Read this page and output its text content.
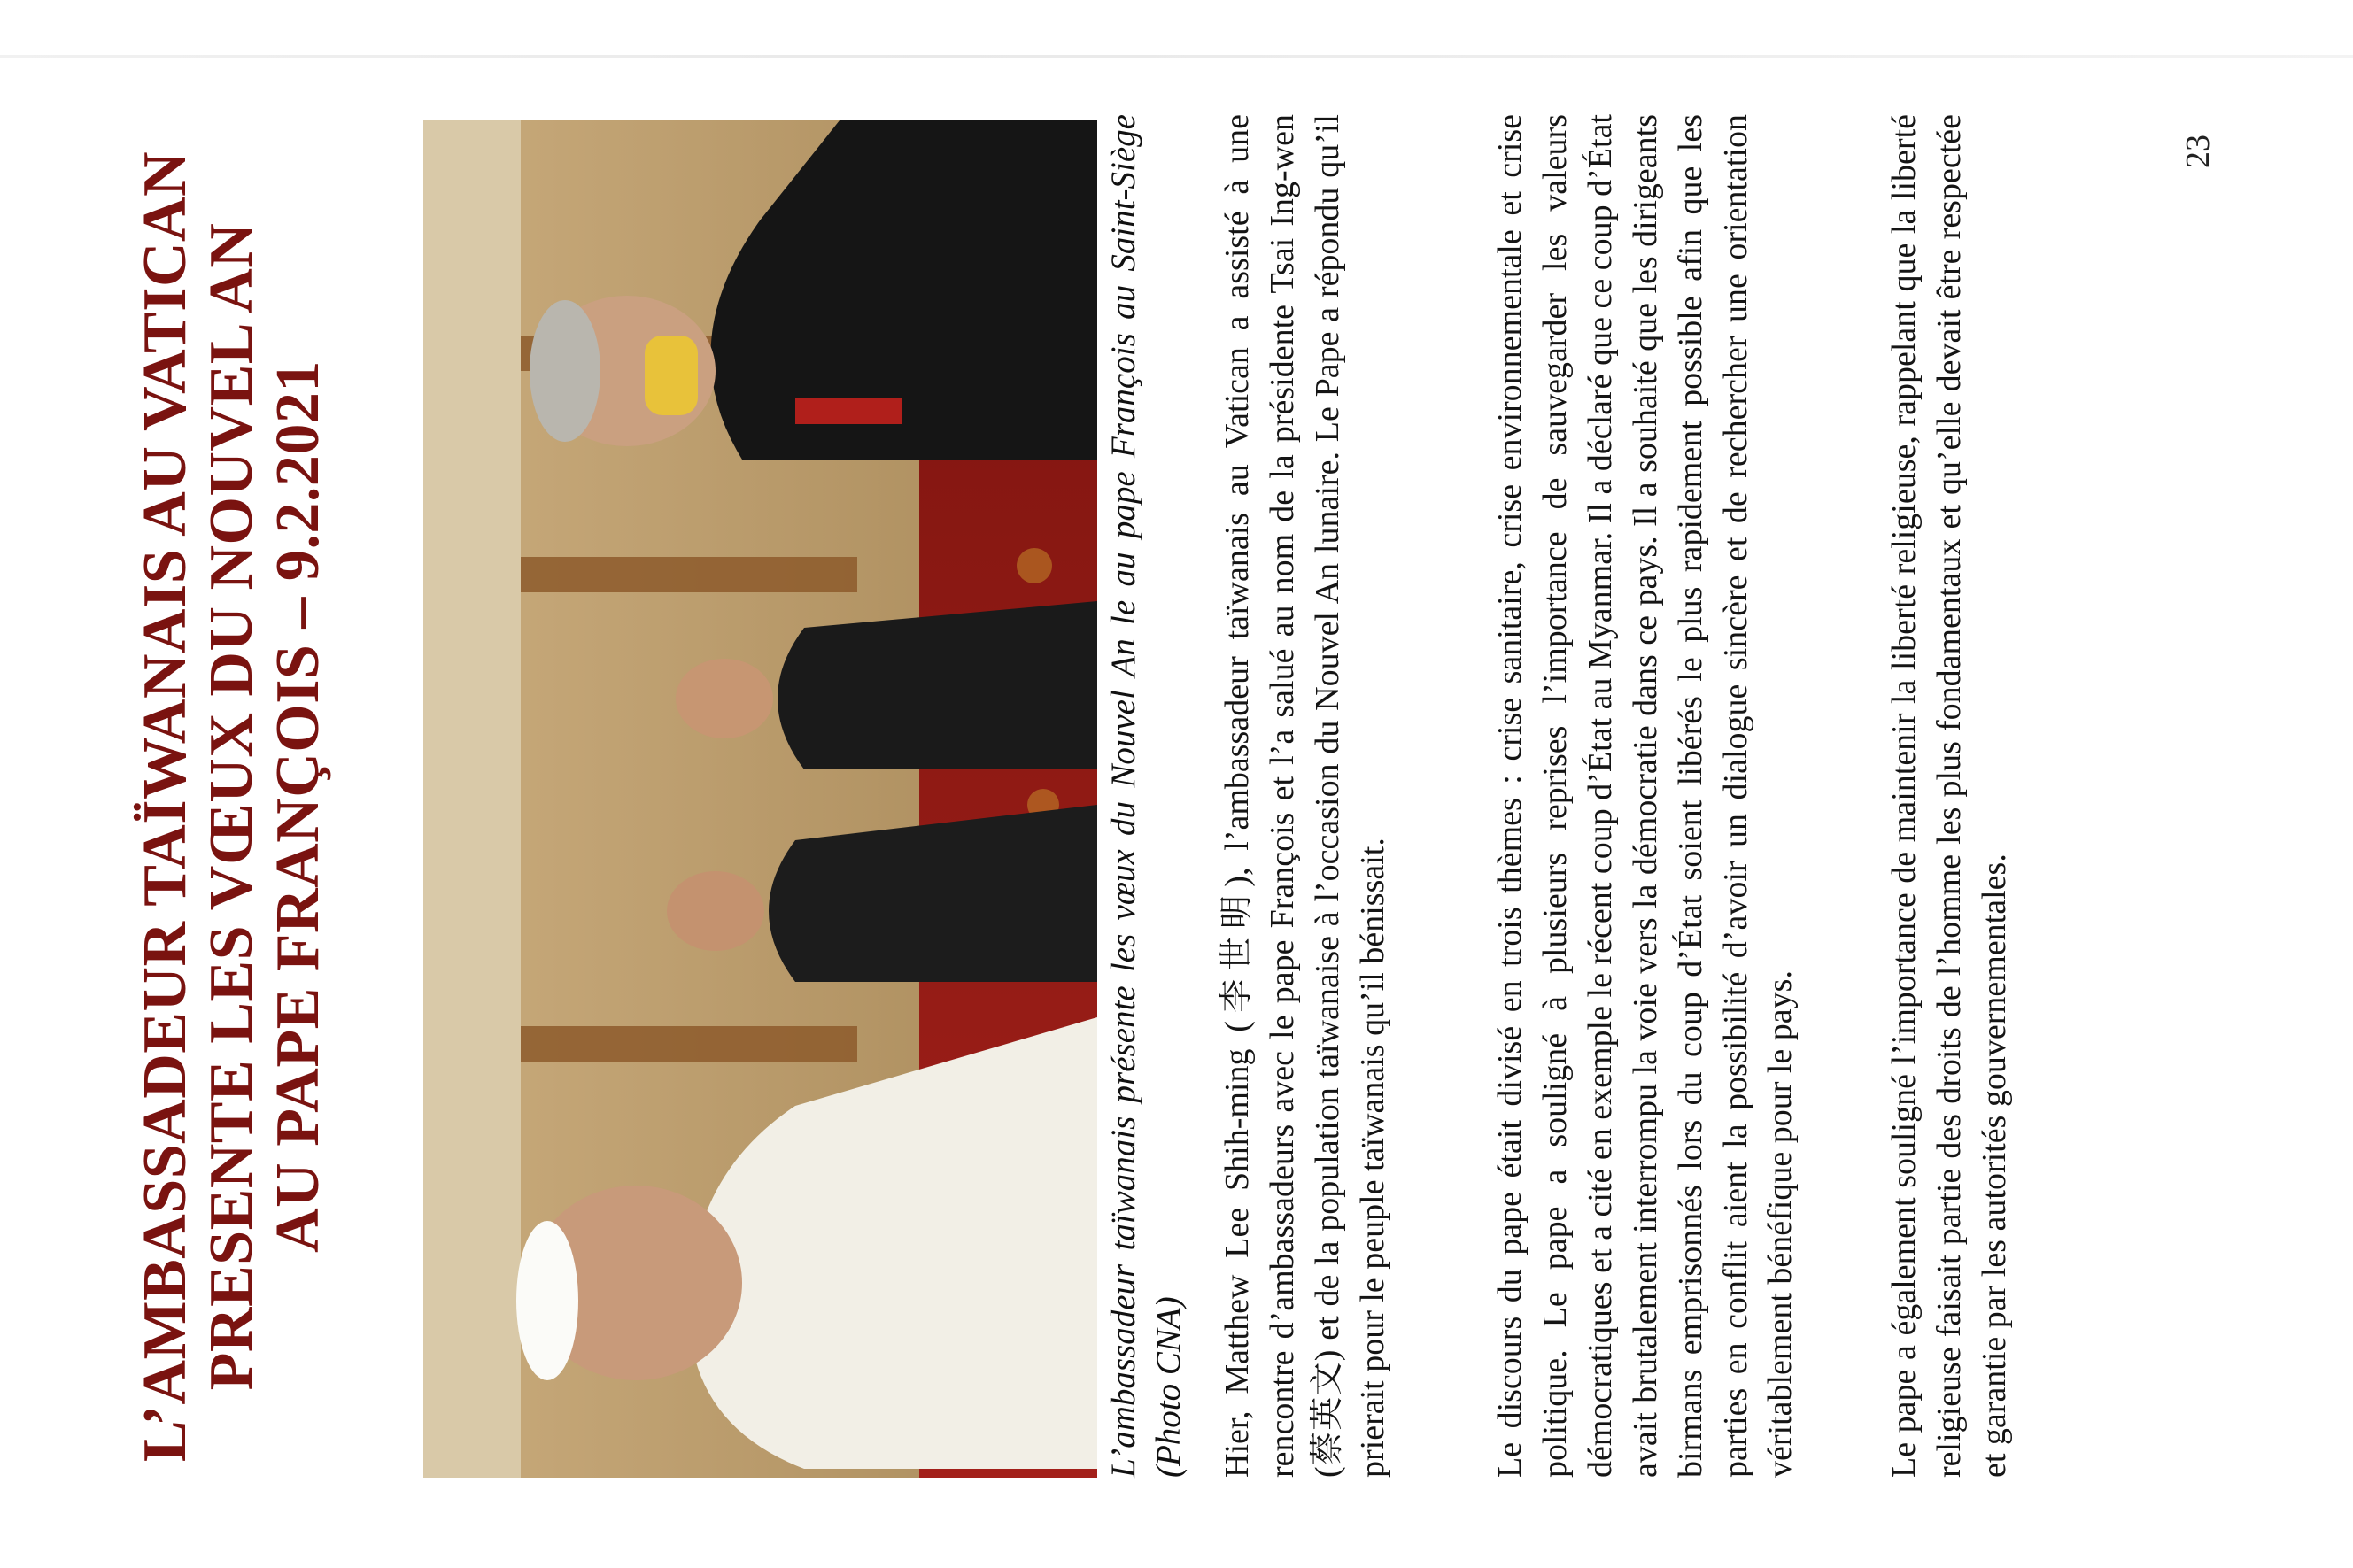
L’AMBASSADEUR TAÏWANAIS AU VATICAN
PRESENTE LES VŒUX DU NOUVEL AN
AU PAPE FRANÇOIS – 9.2.2021	L’ambassadeur taïwanais présente les vœux du Nouvel An le au pape François au Saint-Siège (Photo CNA) Hier, Matthew Lee Shih-ming (李世明), l’ambassadeur taïwanais au Vatican a assisté à une rencontre d’ambassadeurs avec le pape François et l’a salué au nom de la présidente Tsai Ing-wen (蔡英文) et de la population taïwanaise à l’occasion du Nouvel An lunaire. Le Pape a répondu qu’il prierait pour le peuple taïwanais qu’il bénissait.	Le discours du pape était divisé en trois thèmes : crise sanitaire, crise environnementale et crise politique. Le pape a souligné à plusieurs reprises l’importance de sauvegarder les valeurs démocratiques et a cité en exemple le récent coup d’État au Myanmar. Il a déclaré que ce coup d’État avait brutalement interrompu la voie vers la démocratie dans ce pays. Il a souhaité que les dirigeants birmans emprisonnés lors du coup d’État soient libérés le plus rapidement possible afin que les parties en conflit aient la possibilité d’avoir un dialogue sincère et de rechercher une orientation véritablement bénéfique pour le pays.	Le pape a également souligné l’importance de maintenir la liberté religieuse, rappelant que la liberté religieuse faisait partie des droits de l’homme les plus fondamentaux et qu’elle devait être respectée et garantie par les autorités gouvernementales.

23
